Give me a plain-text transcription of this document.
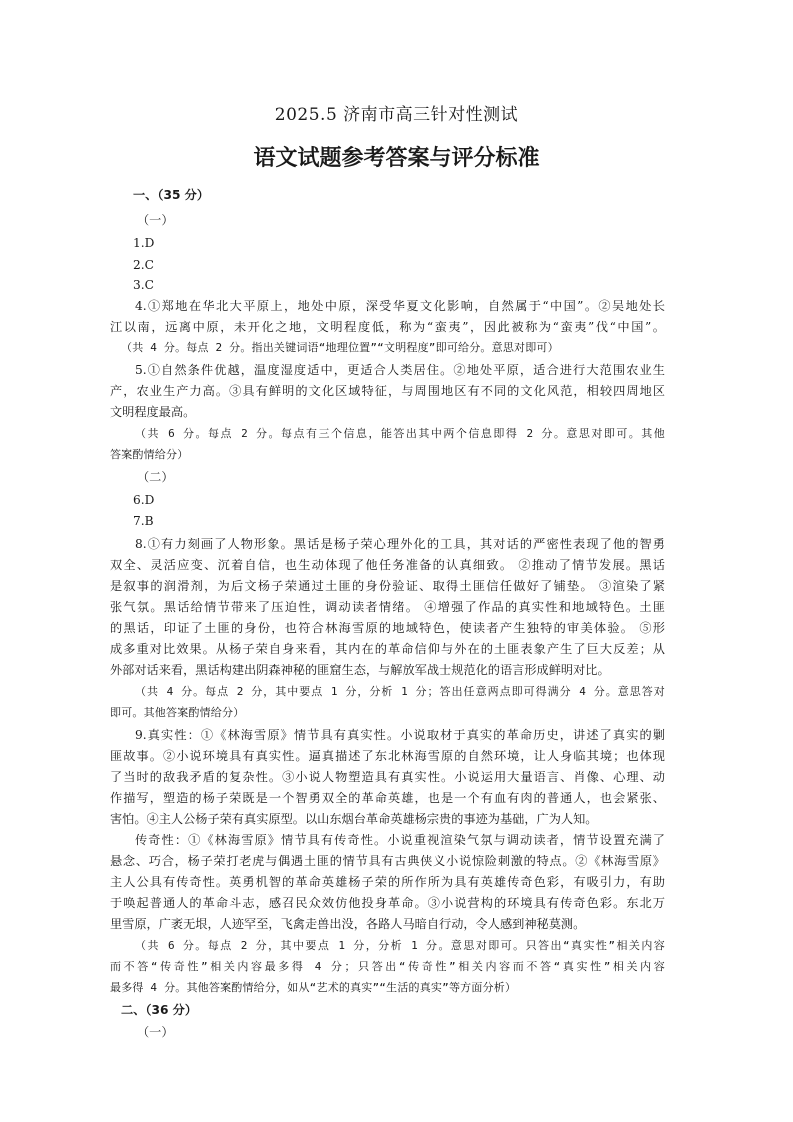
2025.5 济南市高三针对性测试
语文试题参考答案与评分标准
一、（35 分）
（一）
1.D
2.C
3.C
4.①郑地在华北大平原上，地处中原，深受华夏文化影响，自然属于“中国”。②吴地处长
江以南，远离中原，未开化之地，文明程度低，称为“蛮夷”，因此被称为“蛮夷”伐“中国”。
（共 4 分。每点 2 分。指出关键词语“地理位置”“文明程度”即可给分。意思对即可）
5.①自然条件优越，温度湿度适中，更适合人类居住。②地处平原，适合进行大范围农业生
产，农业生产力高。③具有鲜明的文化区域特征，与周围地区有不同的文化风范，相较四周地区
文明程度最高。
（共 6 分。每点 2 分。每点有三个信息，能答出其中两个信息即得 2 分。意思对即可。其他
答案酌情给分）
（二）
6.D
7.B
8.①有力刻画了人物形象。黑话是杨子荣心理外化的工具，其对话的严密性表现了他的智勇
双全、灵活应变、沉着自信，也生动体现了他任务准备的认真细致。 ②推动了情节发展。黑话
是叙事的润滑剂，为后文杨子荣通过土匪的身份验证、取得土匪信任做好了铺垫。 ③渲染了紧
张气氛。黑话给情节带来了压迫性，调动读者情绪。 ④增强了作品的真实性和地域特色。土匪
的黑话，印证了土匪的身份，也符合林海雪原的地域特色，使读者产生独特的审美体验。 ⑤形
成多重对比效果。从杨子荣自身来看，其内在的革命信仰与外在的土匪表象产生了巨大反差；从
外部对话来看，黑话构建出阴森神秘的匪窟生态，与解放军战士规范化的语言形成鲜明对比。
（共 4 分。每点 2 分，其中要点 1 分，分析 1 分；答出任意两点即可得满分 4 分。意思答对
即可。其他答案酌情给分）
9.真实性：①《林海雪原》情节具有真实性。小说取材于真实的革命历史，讲述了真实的剿
匪故事。②小说环境具有真实性。逼真描述了东北林海雪原的自然环境，让人身临其境；也体现
了当时的敌我矛盾的复杂性。③小说人物塑造具有真实性。小说运用大量语言、肖像、心理、动
作描写，塑造的杨子荣既是一个智勇双全的革命英雄，也是一个有血有肉的普通人，也会紧张、
害怕。④主人公杨子荣有真实原型。以山东烟台革命英雄杨宗贵的事迹为基础，广为人知。
传奇性：①《林海雪原》情节具有传奇性。小说重视渲染气氛与调动读者，情节设置充满了
悬念、巧合，杨子荣打老虎与偶遇土匪的情节具有古典侠义小说惊险刺激的特点。②《林海雪原》
主人公具有传奇性。英勇机智的革命英雄杨子荣的所作所为具有英雄传奇色彩，有吸引力，有助
于唤起普通人的革命斗志，感召民众效仿他投身革命。③小说营构的环境具有传奇色彩。东北万
里雪原，广袤无垠，人迹罕至，飞禽走兽出没，各路人马暗自行动，令人感到神秘莫测。
（共 6 分。每点 2 分，其中要点 1 分，分析 1 分。意思对即可。只答出“真实性”相关内容
而不答“传奇性”相关内容最多得 4 分；只答出“传奇性”相关内容而不答“真实性”相关内容
最多得 4 分。其他答案酌情给分，如从“艺术的真实”“生活的真实”等方面分析）
二、（36 分）
（一）
